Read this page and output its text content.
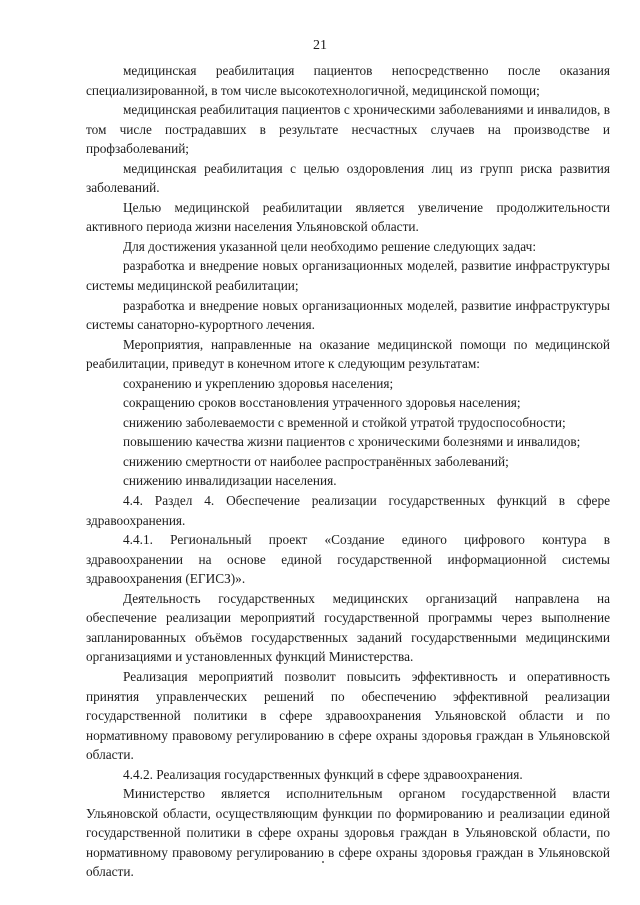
21

медицинская реабилитация пациентов непосредственно после оказания специализированной, в том числе высокотехнологичной, медицинской помощи;

медицинская реабилитация пациентов с хроническими заболеваниями и инвалидов, в том числе пострадавших в результате несчастных случаев на производстве и профзаболеваний;

медицинская реабилитация с целью оздоровления лиц из групп риска развития заболеваний.

Целью медицинской реабилитации является увеличение продолжительности активного периода жизни населения Ульяновской области.

Для достижения указанной цели необходимо решение следующих задач:

разработка и внедрение новых организационных моделей, развитие инфраструктуры системы медицинской реабилитации;

разработка и внедрение новых организационных моделей, развитие инфраструктуры системы санаторно-курортного лечения.

Мероприятия, направленные на оказание медицинской помощи по медицинской реабилитации, приведут в конечном итоге к следующим результатам:

сохранению и укреплению здоровья населения;

сокращению сроков восстановления утраченного здоровья населения;

снижению заболеваемости с временной и стойкой утратой трудоспособности;

повышению качества жизни пациентов с хроническими болезнями и инвалидов;

снижению смертности от наиболее распространённых заболеваний;

снижению инвалидизации населения.

4.4. Раздел 4. Обеспечение реализации государственных функций в сфере здравоохранения.

4.4.1. Региональный проект «Создание единого цифрового контура в здравоохранении на основе единой государственной информационной системы здравоохранения (ЕГИСЗ)».

Деятельность государственных медицинских организаций направлена на обеспечение реализации мероприятий государственной программы через выполнение запланированных объёмов государственных заданий государственными медицинскими организациями и установленных функций Министерства.

Реализация мероприятий позволит повысить эффективность и оперативность принятия управленческих решений по обеспечению эффективной реализации государственной политики в сфере здравоохранения Ульяновской области и по нормативному правовому регулированию в сфере охраны здоровья граждан в Ульяновской области.

4.4.2. Реализация государственных функций в сфере здравоохранения.

Министерство является исполнительным органом государственной власти Ульяновской области, осуществляющим функции по формированию и реализации единой государственной политики в сфере охраны здоровья граждан в Ульяновской области, по нормативному правовому регулированию в сфере охраны здоровья граждан в Ульяновской области.
